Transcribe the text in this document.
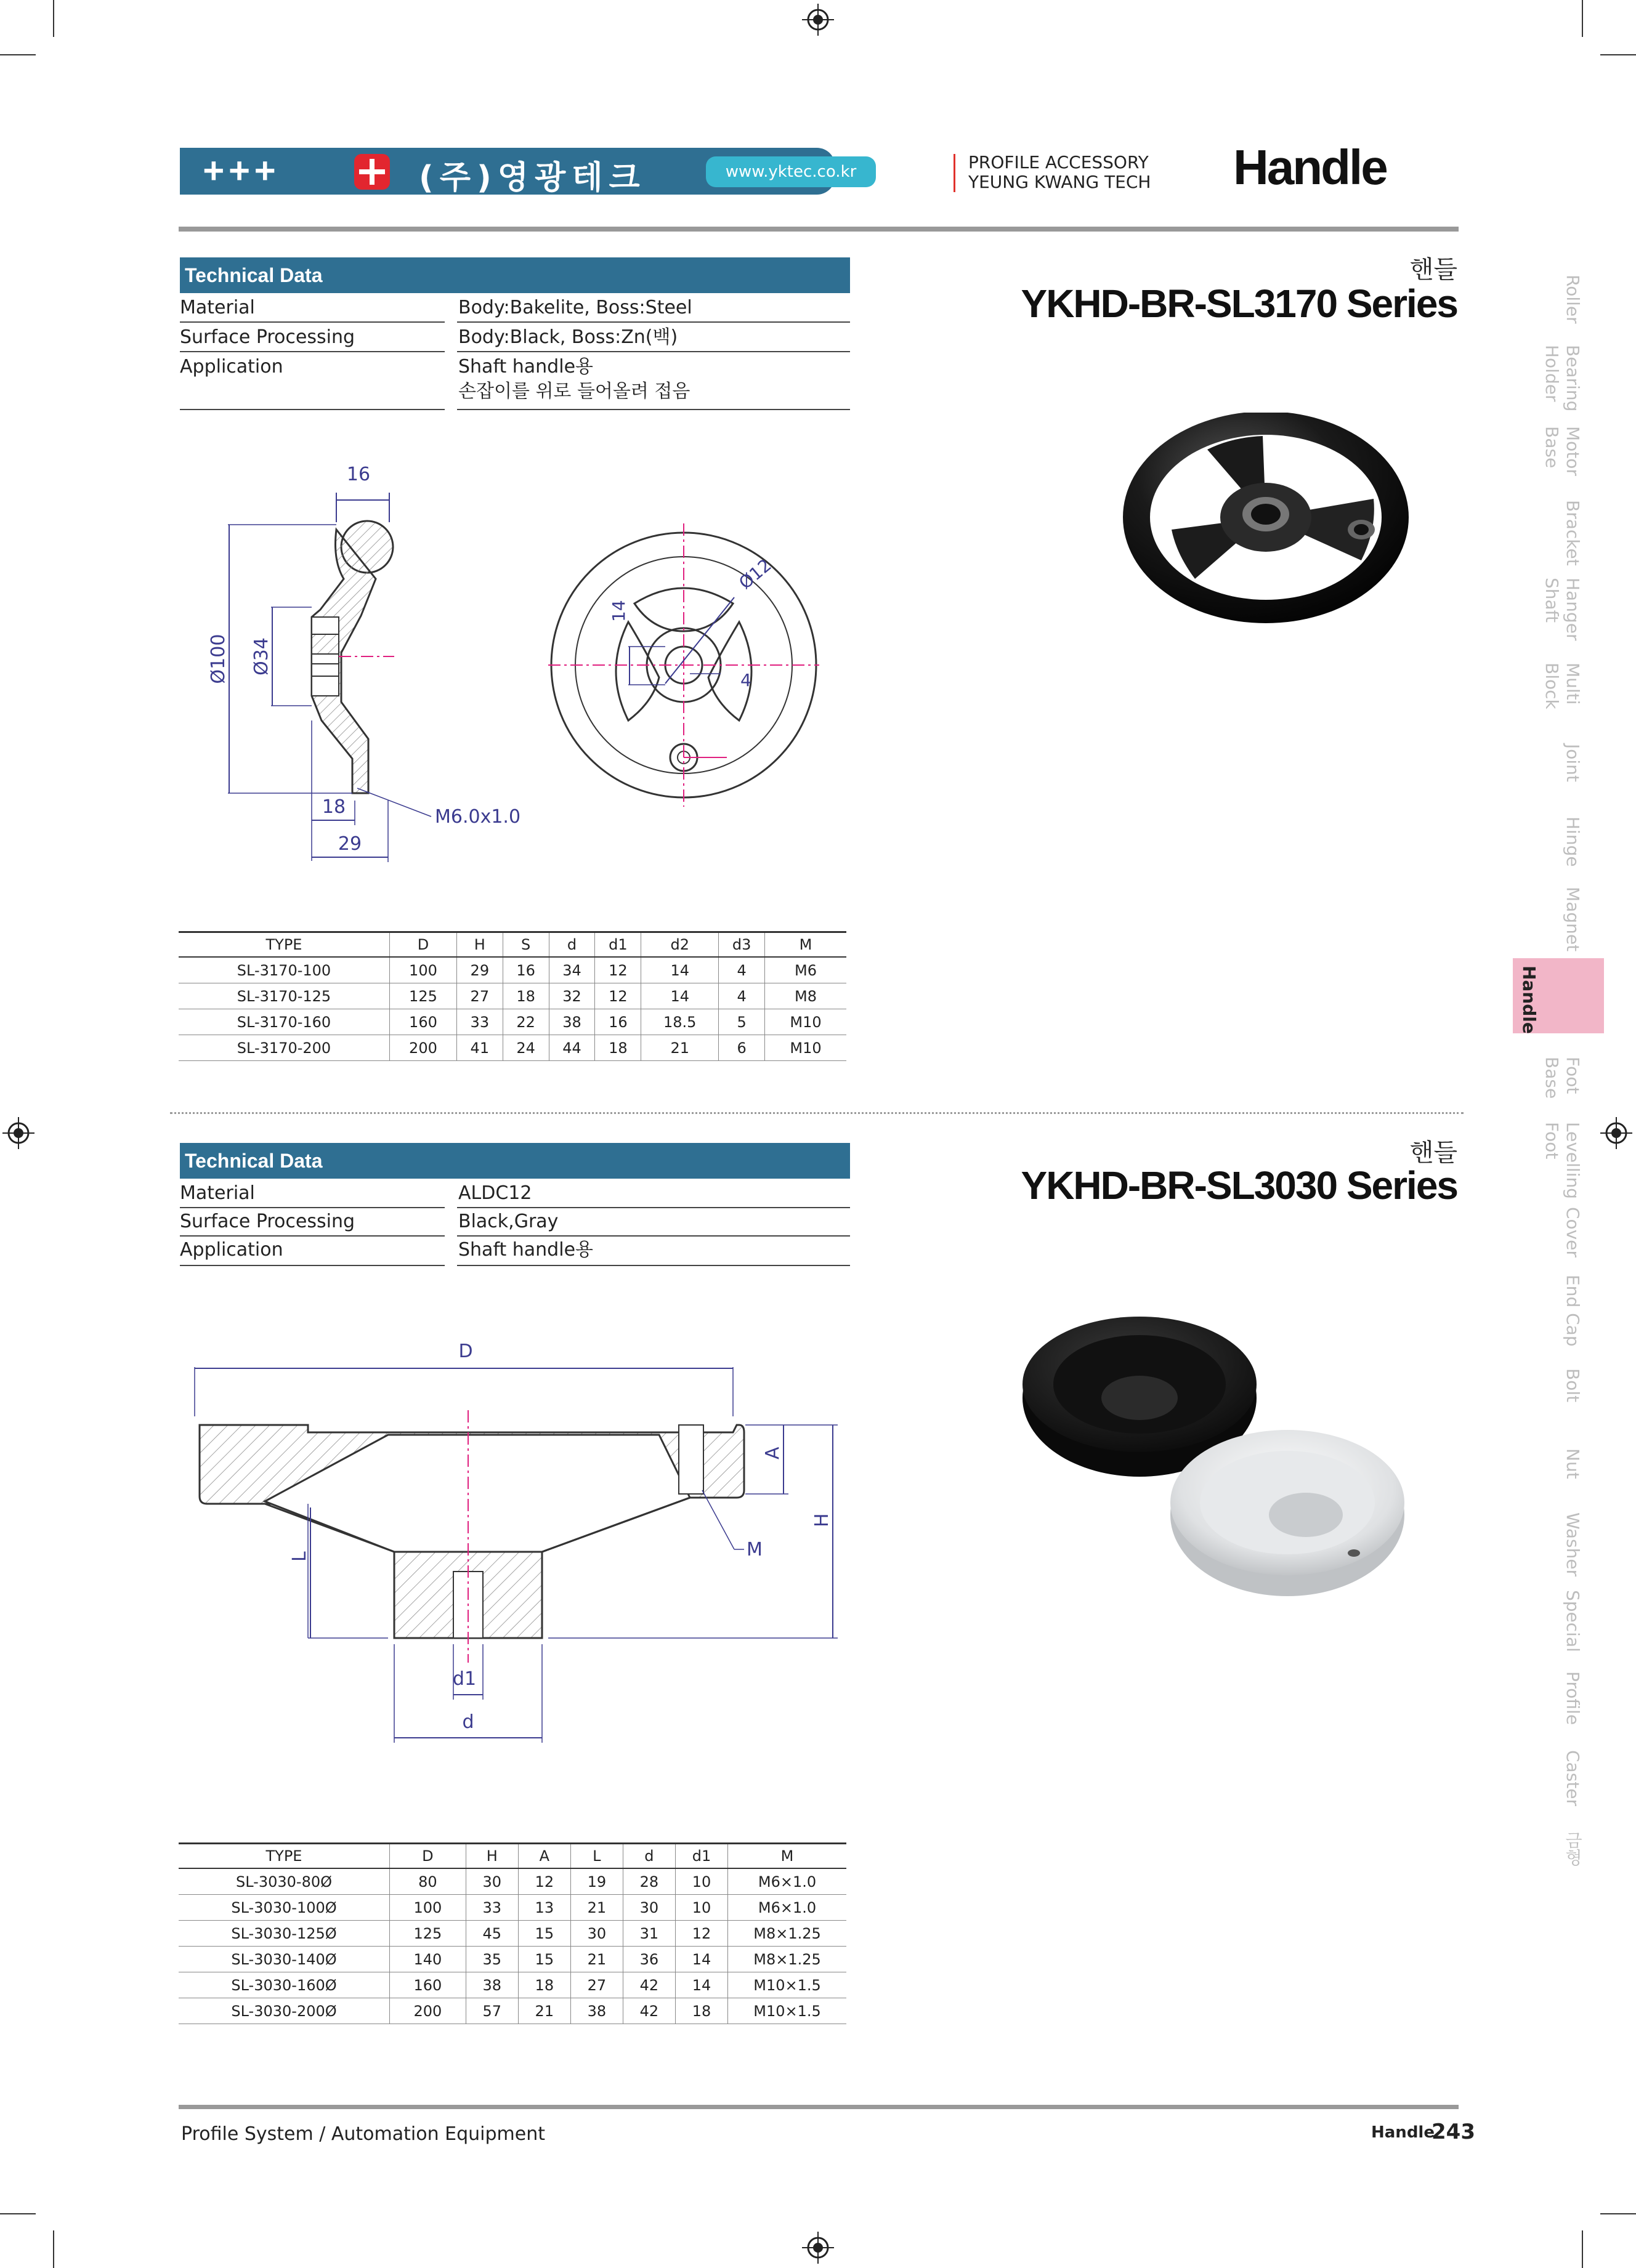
+++	(주)영광테크	www.yktec.co.kr	PROFILE ACCESSORY
YEUNG KWANG TECH Handle
Roller
Bearing
Holder
Motor
Base
Bracket
Hanger
Shaft
Multi
Block
Joint
Hinge
Magnet
Handle
Foot
Base
Levelling
Foot
Cover
End Cap
Bolt
Nut
Washer
Special
Profile
Caster
금형
Technical Data
Material	Body:Bakelite, Boss:Steel
Surface Processing	Body:Black, Boss:Zn(백)
Application	Shaft handle용
손잡이를 위로 들어올려 접음
핸들
YKHD-BR-SL3170 Series
16
Ø100 Ø34
18
29
M6.0x1.0
Ø12
14
4
TYPE	D	H	S	d	d1	d2	d3	M
SL-3170-100	100	29	16	34	12	14	4	M6
SL-3170-125	125	27	18	32	12	14	4	M8
SL-3170-160	160	33	22	38	16	18.5	5	M10
SL-3170-200	200	41	24	44	18	21	6	M10
Technical Data
Material	ALDC12
Surface Processing	Black,Gray
Application	Shaft handle용
핸들
YKHD-BR-SL3030 Series
D
A
H
M
L
d1
d
TYPE	D	H	A	L	d	d1	M
SL-3030-80Ø	80	30	12	19	28	10	M6×1.0
SL-3030-100Ø	100	33	13	21	30	10	M6×1.0
SL-3030-125Ø	125	45	15	30	31	12	M8×1.25
SL-3030-140Ø	140	35	15	21	36	14	M8×1.25
SL-3030-160Ø	160	38	18	27	42	14	M10×1.5
SL-3030-200Ø	200	57	21	38	42	18	M10×1.5
Profile System / Automation Equipment	Handle
243
